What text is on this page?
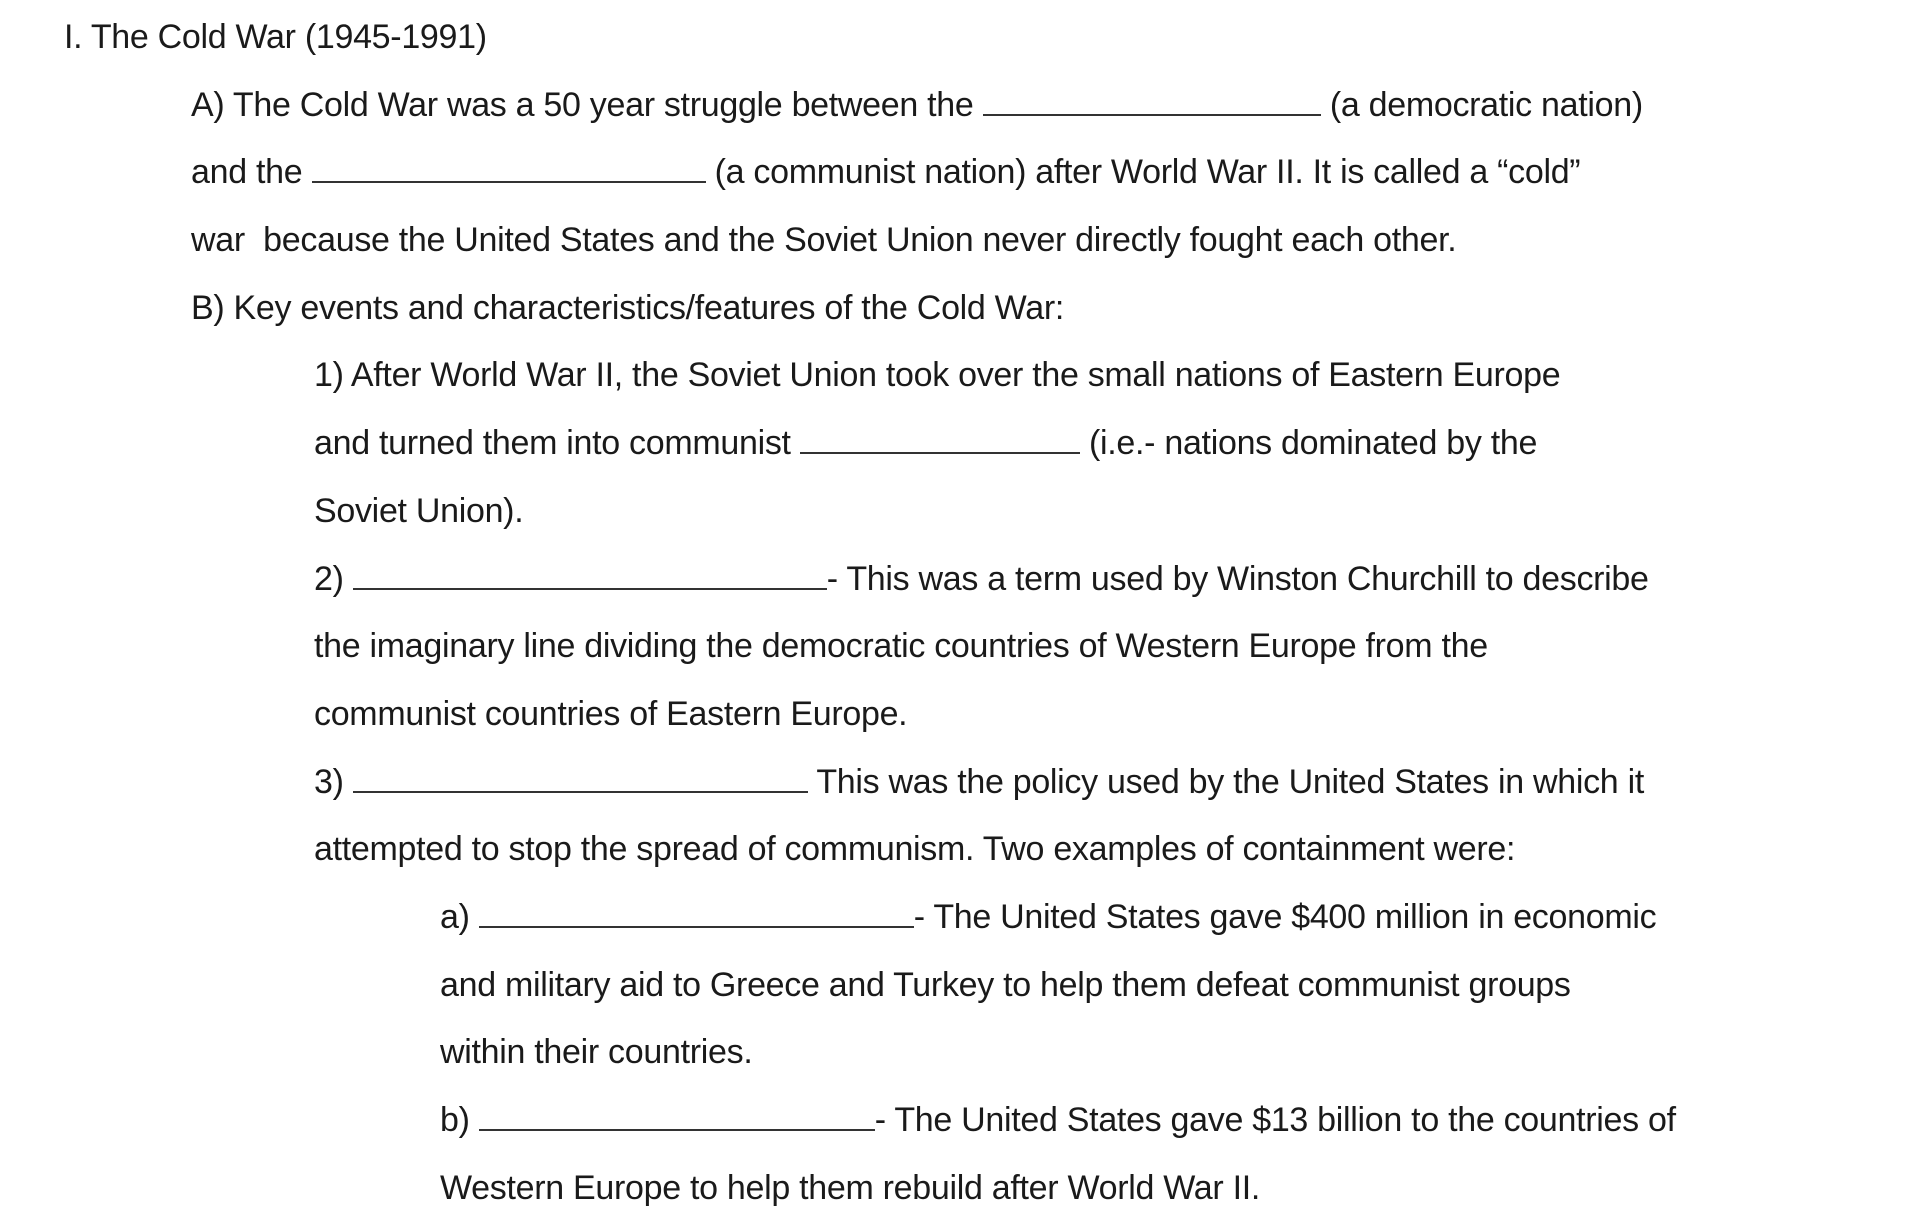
I. The Cold War (1945-1991)
A) The Cold War was a 50 year struggle between the	(a democratic nation)
and the	(a communist nation) after World War II. It is called a “cold”
war  because the United States and the Soviet Union never directly fought each other.
B) Key events and characteristics/features of the Cold War:
1) After World War II, the Soviet Union took over the small nations of Eastern Europe
and turned them into communist	(i.e.- nations dominated by the
Soviet Union).
2)	- This was a term used by Winston Churchill to describe
the imaginary line dividing the democratic countries of Western Europe from the
communist countries of Eastern Europe.
3)	This was the policy used by the United States in which it
attempted to stop the spread of communism. Two examples of containment were:
a)	- The United States gave $400 million in economic
and military aid to Greece and Turkey to help them defeat communist groups
within their countries.
b)	- The United States gave $13 billion to the countries of
Western Europe to help them rebuild after World War II.
